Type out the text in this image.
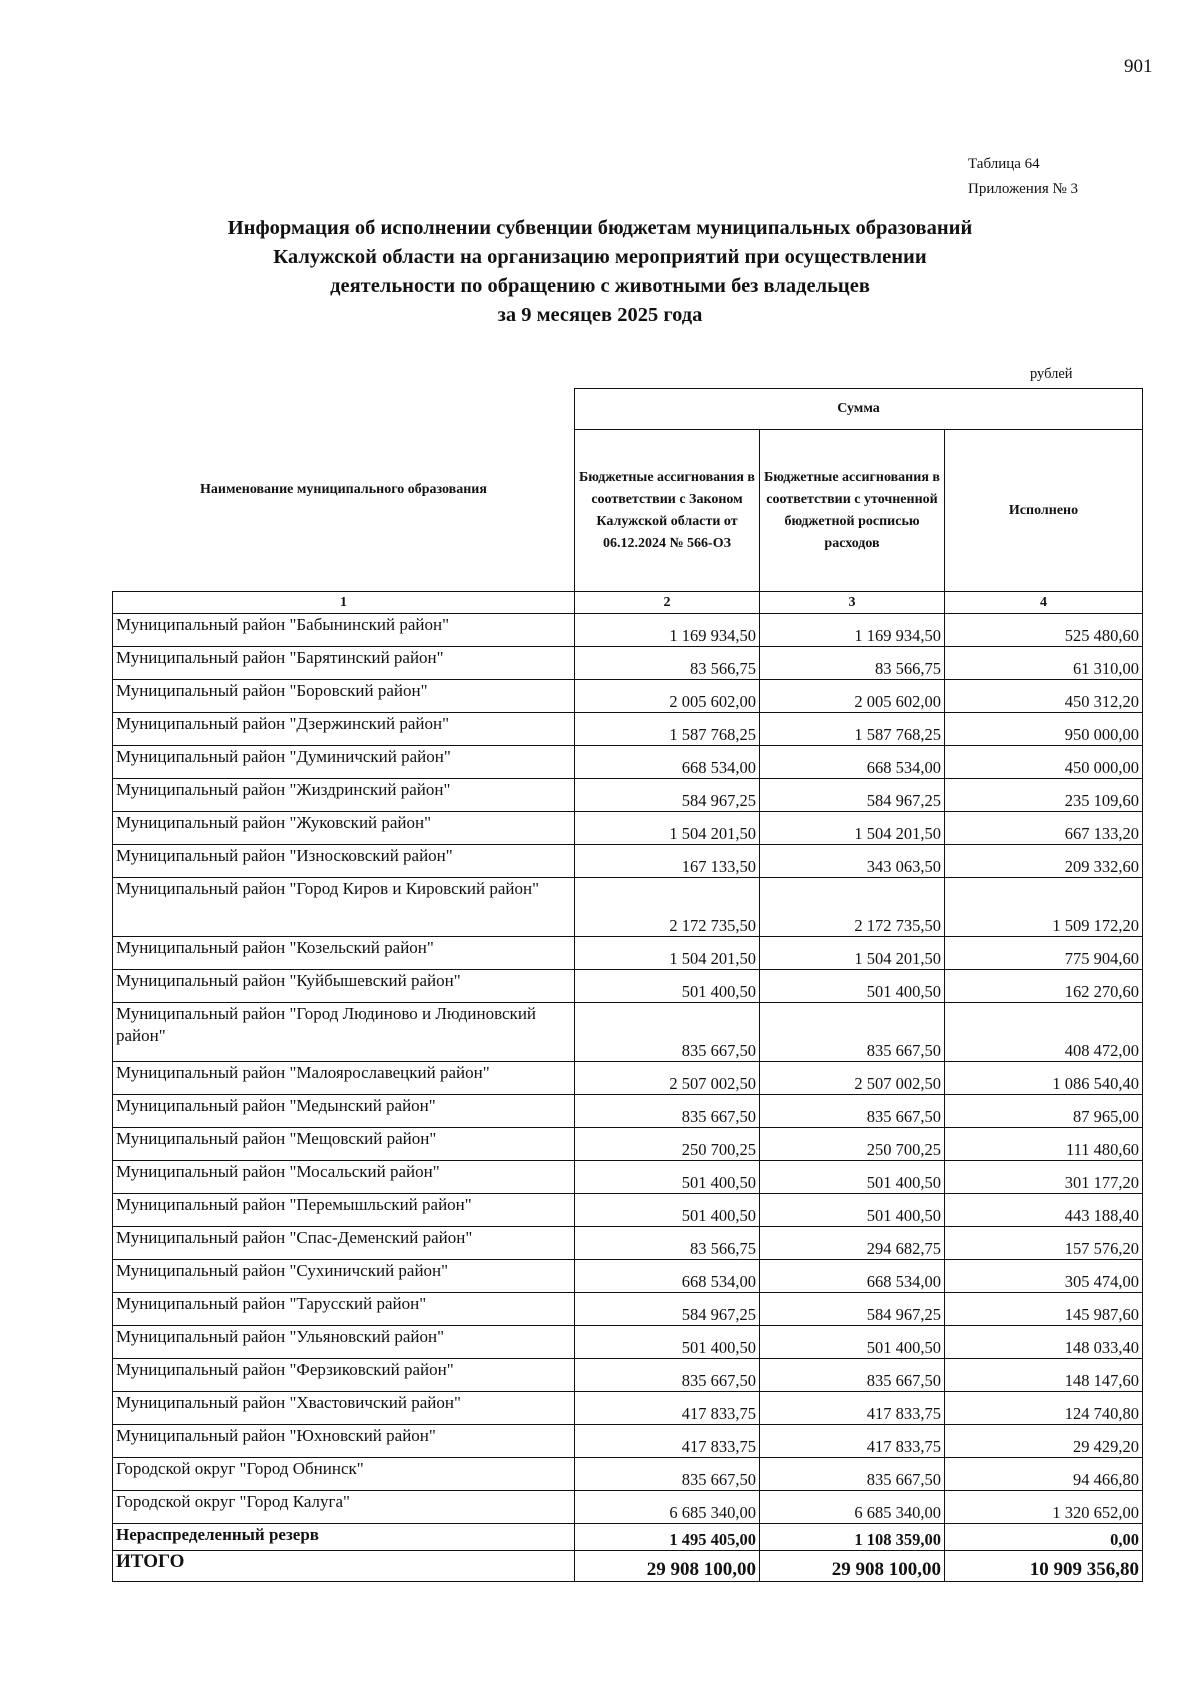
901
Таблица 64
Приложения № 3
Информация об исполнении субвенции бюджетам муниципальных образований
Калужской области на организацию мероприятий при осуществлении
деятельности по обращению с животными без владельцев
за 9 месяцев 2025 года
рублей
Наименование муниципального образования	Сумма		
	Бюджетные ассигнования в соответствии с Законом Калужской области от 06.12.2024 № 566-ОЗ	Бюджетные ассигнования в соответствии с уточненной бюджетной росписью расходов	Исполнено
1	2	3	4
Муниципальный район "Бабынинский район"	1 169 934,50	1 169 934,50	525 480,60
Муниципальный район "Барятинский район"	83 566,75	83 566,75	61 310,00
Муниципальный район "Боровский район"	2 005 602,00	2 005 602,00	450 312,20
Муниципальный район "Дзержинский район"	1 587 768,25	1 587 768,25	950 000,00
Муниципальный район "Думиничский район"	668 534,00	668 534,00	450 000,00
Муниципальный район "Жиздринский район"	584 967,25	584 967,25	235 109,60
Муниципальный район "Жуковский район"	1 504 201,50	1 504 201,50	667 133,20
Муниципальный район "Износковский район"	167 133,50	343 063,50	209 332,60
Муниципальный район "Город Киров и Кировский район"	2 172 735,50	2 172 735,50	1 509 172,20
Муниципальный район "Козельский район"	1 504 201,50	1 504 201,50	775 904,60
Муниципальный район "Куйбышевский район"	501 400,50	501 400,50	162 270,60
Муниципальный район "Город Людиново и Людиновский район"	835 667,50	835 667,50	408 472,00
Муниципальный район "Малоярославецкий район"	2 507 002,50	2 507 002,50	1 086 540,40
Муниципальный район "Медынский район"	835 667,50	835 667,50	87 965,00
Муниципальный район "Мещовский район"	250 700,25	250 700,25	111 480,60
Муниципальный район "Мосальский район"	501 400,50	501 400,50	301 177,20
Муниципальный район "Перемышльский район"	501 400,50	501 400,50	443 188,40
Муниципальный район "Спас-Деменский район"	83 566,75	294 682,75	157 576,20
Муниципальный район "Сухиничский район"	668 534,00	668 534,00	305 474,00
Муниципальный район "Тарусский район"	584 967,25	584 967,25	145 987,60
Муниципальный район "Ульяновский район"	501 400,50	501 400,50	148 033,40
Муниципальный район "Ферзиковский район"	835 667,50	835 667,50	148 147,60
Муниципальный район "Хвастовичский район"	417 833,75	417 833,75	124 740,80
Муниципальный район "Юхновский район"	417 833,75	417 833,75	29 429,20
Городской округ "Город Обнинск"	835 667,50	835 667,50	94 466,80
Городской округ "Город Калуга"	6 685 340,00	6 685 340,00	1 320 652,00
Нераспределенный резерв	1 495 405,00	1 108 359,00	0,00
ИТОГО	29 908 100,00	29 908 100,00	10 909 356,80
